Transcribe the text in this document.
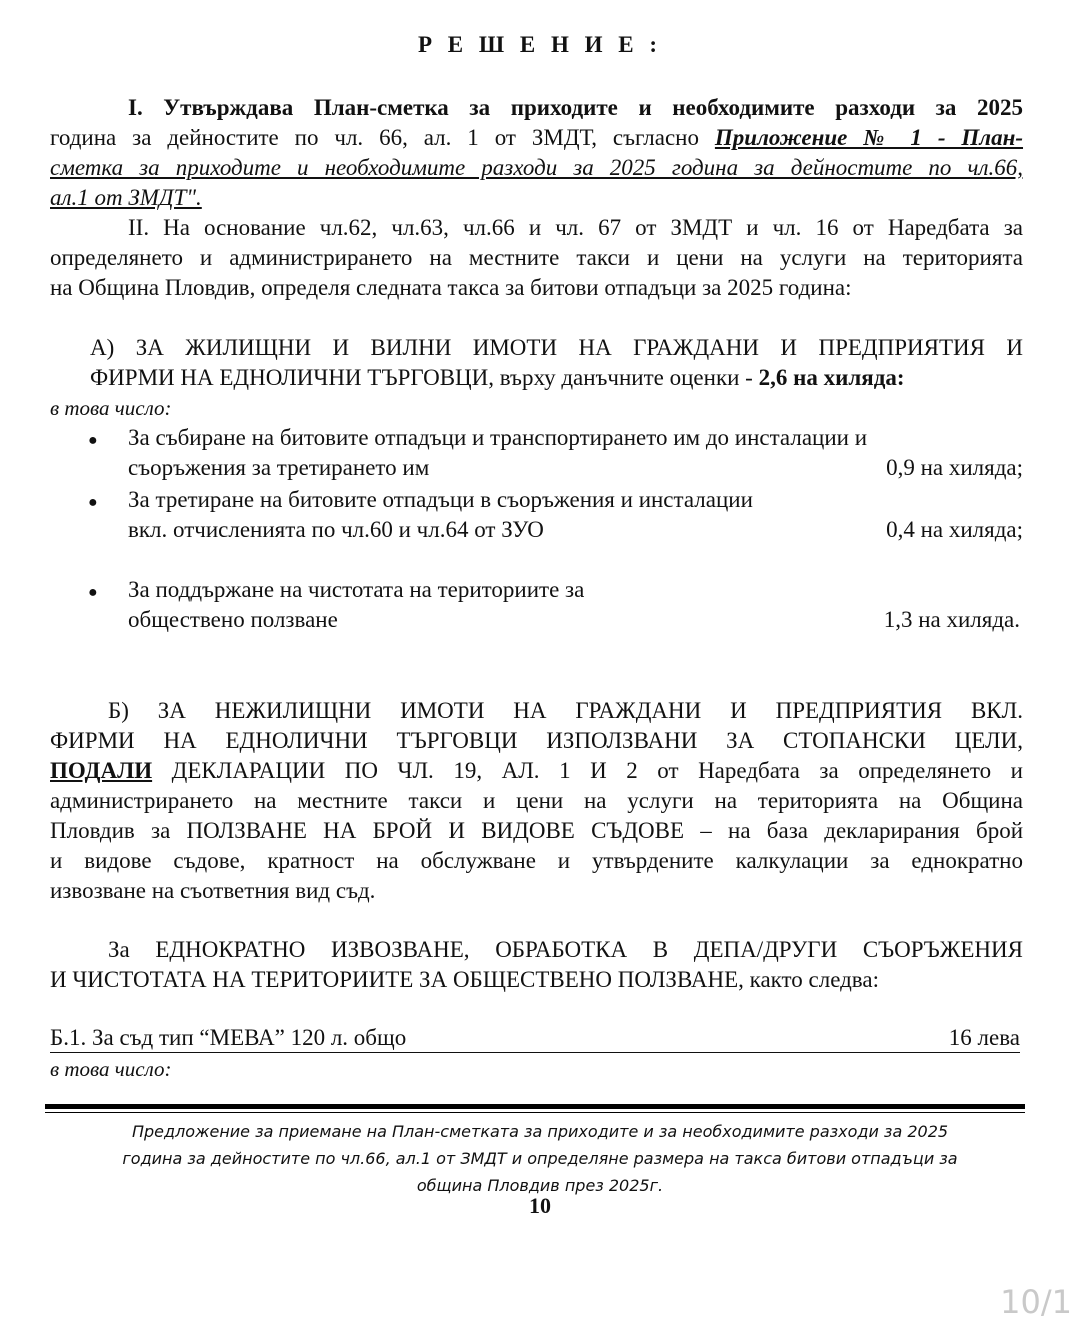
Р Е Ш Е Н И Е :
I. Утвърждава План-сметка за приходите и необходимите разходи за 2025
година за дейностите по чл. 66, ал. 1 от ЗМДТ, съгласно Приложение № 1 - План-
сметка за приходите и необходимите разходи за 2025 година за дейностите по чл.66,
ал.1 от ЗМДТ".
II. На основание чл.62, чл.63, чл.66 и чл. 67 от ЗМДТ и чл. 16 от Наредбата за
определянето и администрирането на местните такси и цени на услуги на територията
на Община Пловдив, определя следната такса за битови отпадъци за 2025 година:
А) ЗА ЖИЛИЩНИ И ВИЛНИ ИМОТИ НА ГРАЖДАНИ И ПРЕДПРИЯТИЯ И
ФИРМИ НА ЕДНОЛИЧНИ ТЪРГОВЦИ, върху данъчните оценки - 2,6 на хиляда:
в това число:
● За събиране на битовите отпадъци и транспортирането им до инсталации и
съоръжения за третирането им	0,9 на хиляда;
● За третиране на битовите отпадъци в съоръжения и инсталации
вкл. отчисленията по чл.60 и чл.64 от ЗУО	0,4 на хиляда;
● За поддържане на чистотата на териториите за
обществено ползване	1,3 на хиляда.
Б) ЗА НЕЖИЛИЩНИ ИМОТИ НА ГРАЖДАНИ И ПРЕДПРИЯТИЯ ВКЛ.
ФИРМИ НА ЕДНОЛИЧНИ ТЪРГОВЦИ ИЗПОЛЗВАНИ ЗА СТОПАНСКИ ЦЕЛИ,
ПОДАЛИ ДЕКЛАРАЦИИ ПО ЧЛ. 19, АЛ. 1 И 2 от Наредбата за определянето и
администрирането на местните такси и цени на услуги на територията на Община
Пловдив за ПОЛЗВАНЕ НА БРОЙ И ВИДОВЕ СЪДОВЕ – на база декларирания брой
и видове съдове, кратност на обслужване и утвърдените калкулации за еднократно
извозване на съответния вид съд.
За ЕДНОКРАТНО ИЗВОЗВАНЕ, ОБРАБОТКА В ДЕПА/ДРУГИ СЪОРЪЖЕНИЯ
И ЧИСТОТАТА НА ТЕРИТОРИИТЕ ЗА ОБЩЕСТВЕНО ПОЛЗВАНЕ, както следва:
Б.1. За съд тип “МЕВА” 120 л. общо	16 лева
в това число:
Предложение за приемане на План-сметката за приходите и за необходимите разходи за 2025
година за дейностите по чл.66, ал.1 от ЗМДТ и определяне размера на такса битови отпадъци за
община Пловдив през 2025г.
10
10/1
